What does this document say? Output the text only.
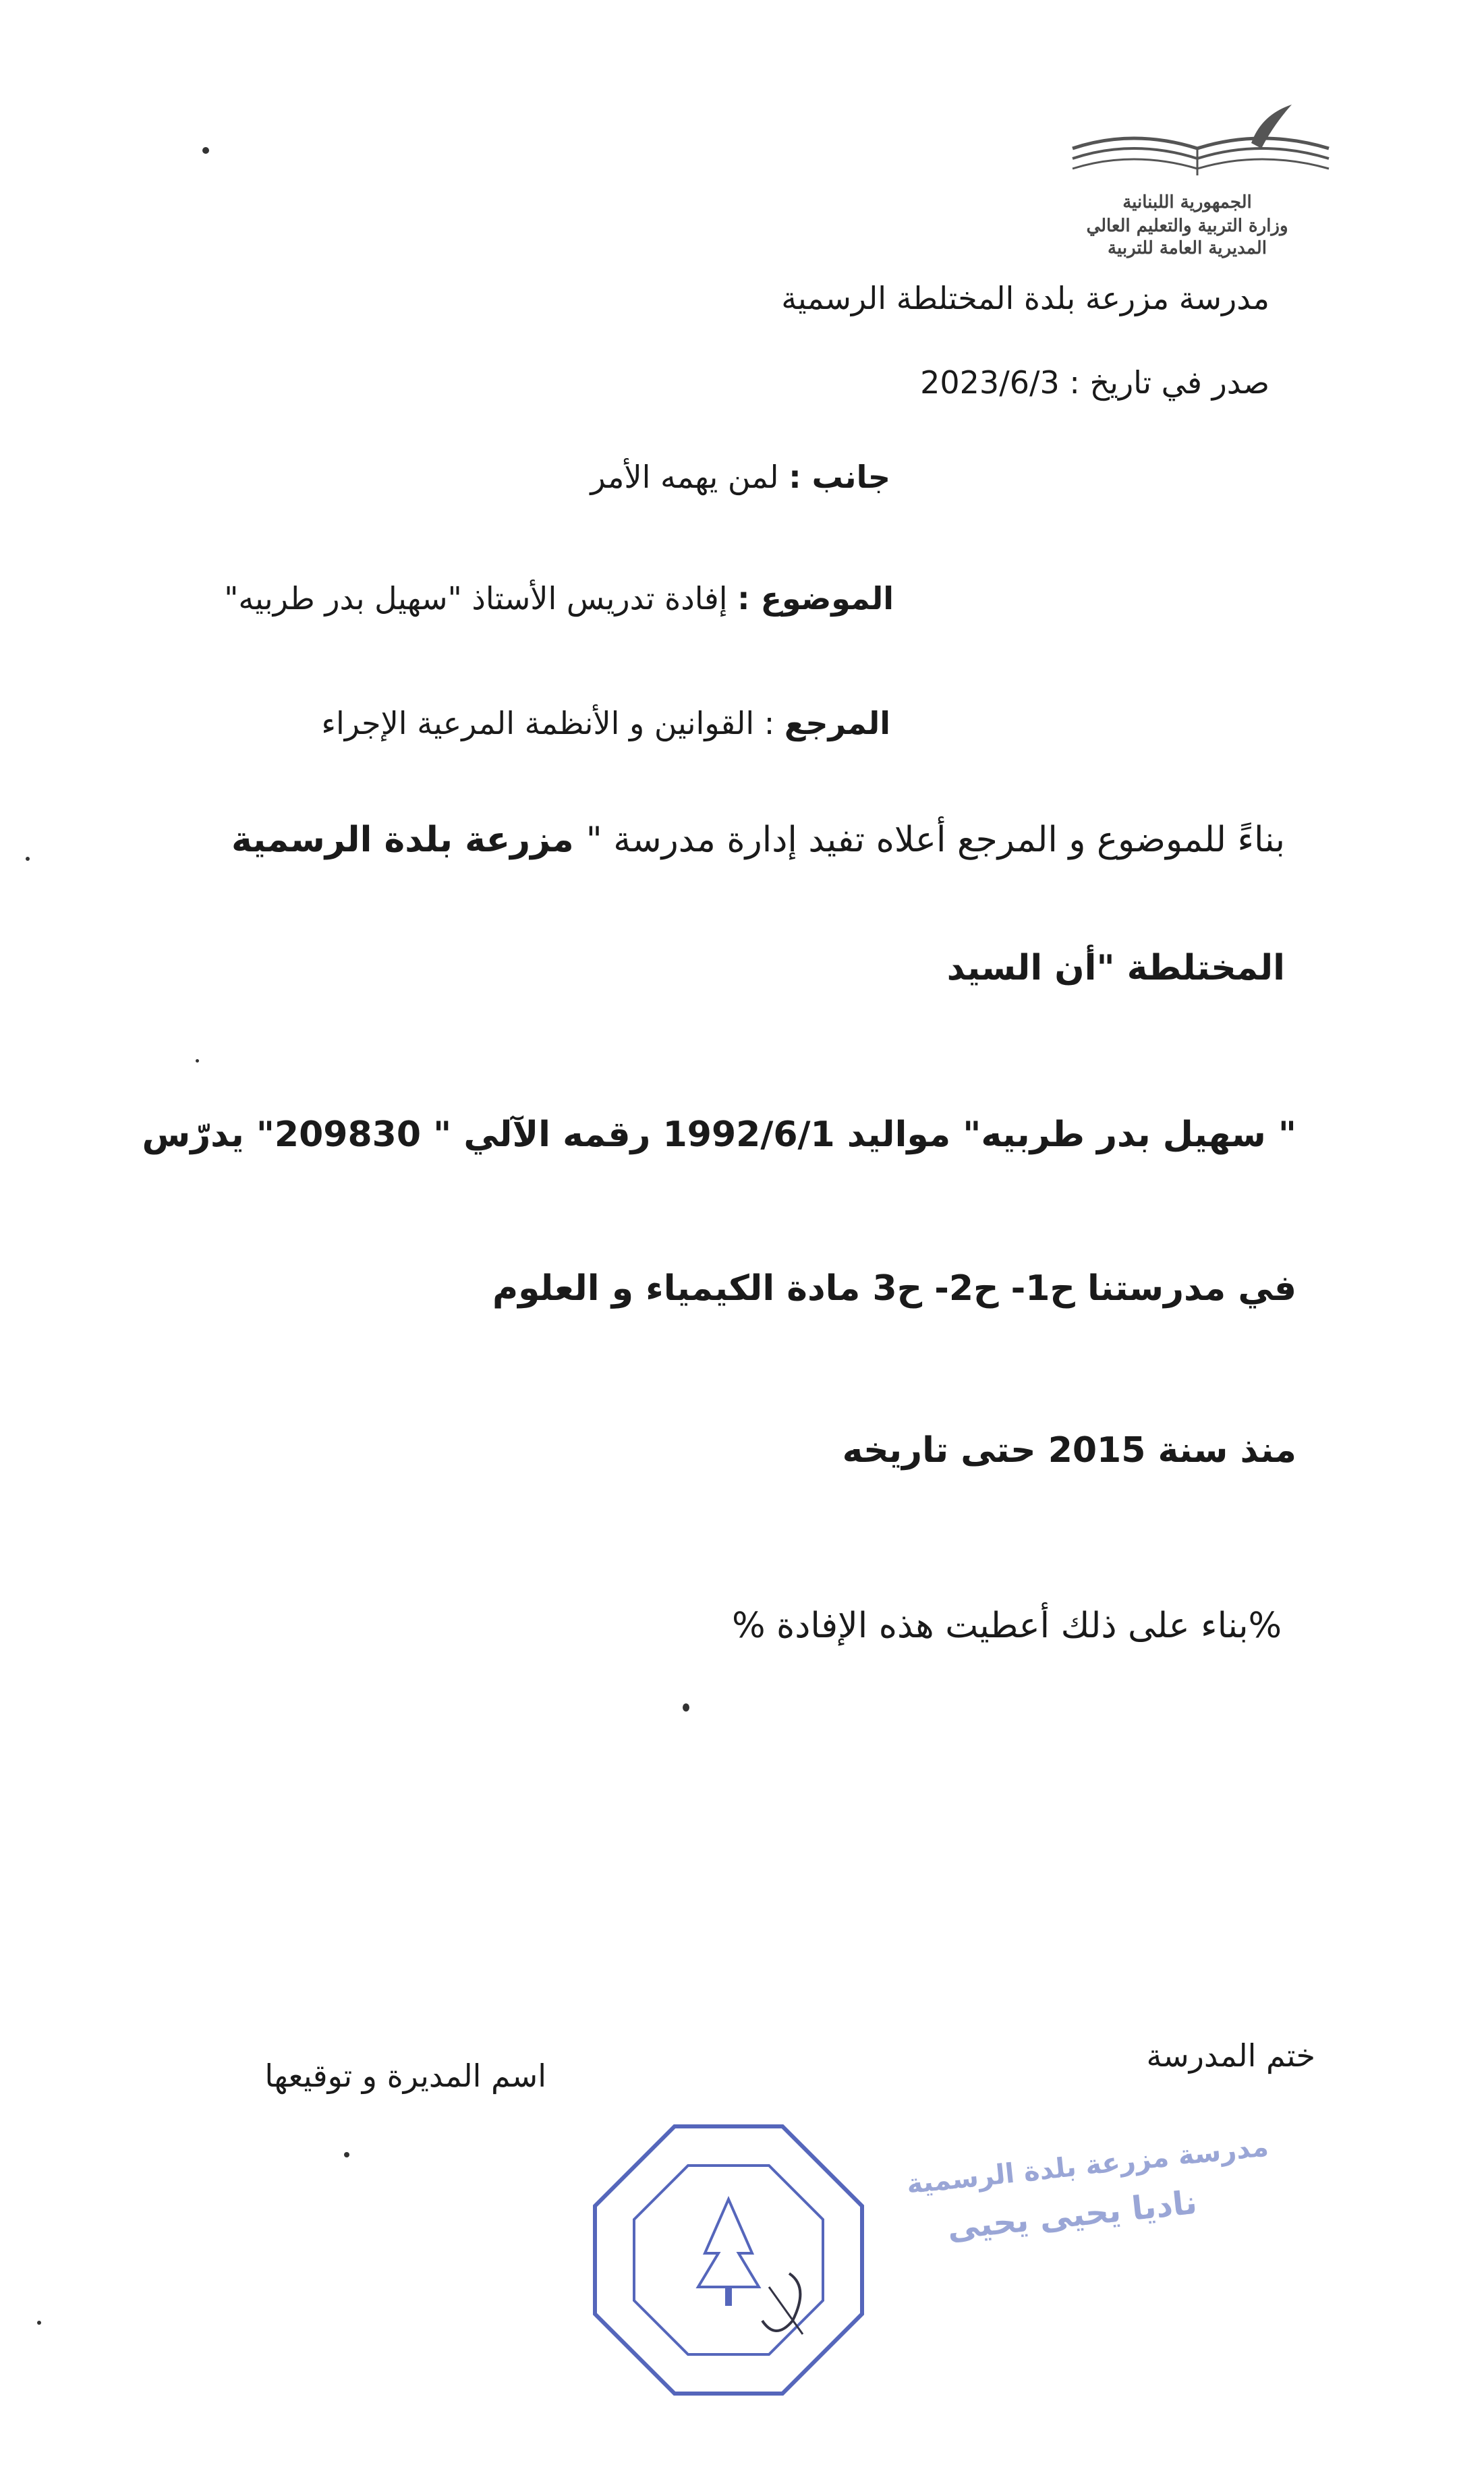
الجمهورية اللبنانية
وزارة التربية والتعليم العالي
المديرية العامة للتربية
مدرسة مزرعة بلدة المختلطة الرسمية
صدر في تاريخ : 2023/6/3
جانب : لمن يهمه الأمر
الموضوع : إفادة تدريس الأستاذ "سهيل بدر طربيه"
المرجع : القوانين و الأنظمة المرعية الإجراء
بناءً للموضوع و المرجع أعلاه تفيد إدارة مدرسة " مزرعة بلدة الرسمية
المختلطة "أن السيد
" سهيل بدر طربيه" مواليد 1992/6/1 رقمه الآلي " 209830" يدرّس
في مدرستنا ح1- ح2- ح3 مادة الكيمياء و العلوم
منذ سنة 2015 حتى تاريخه
%بناء على ذلك أعطيت هذه الإفادة %
ختم المدرسة
اسم المديرة و توقيعها
مدرسة مزرعة بلدة الرسمية
ناديا يحيى يحيى
